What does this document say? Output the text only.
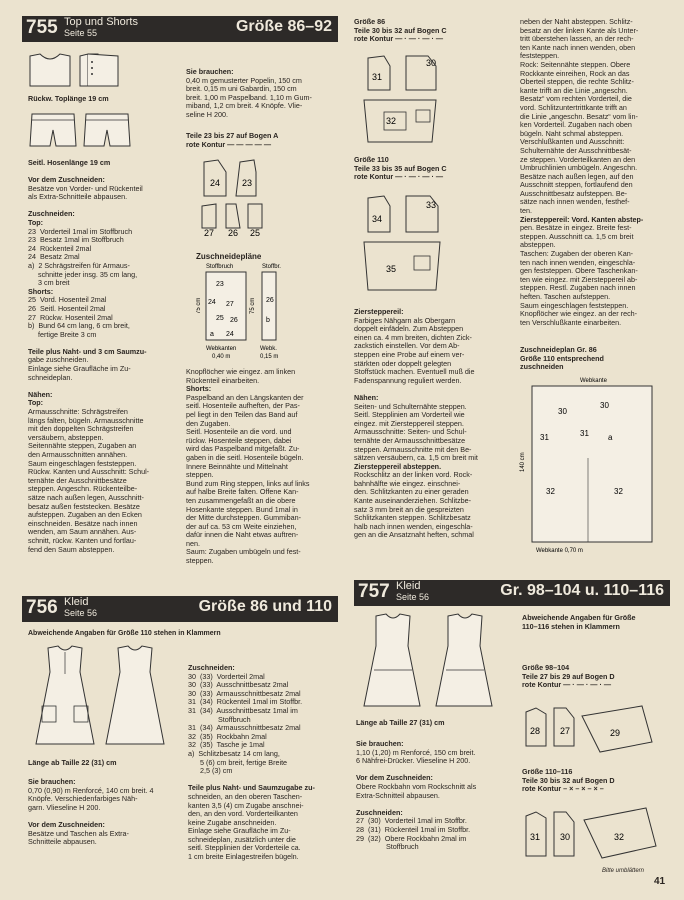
755 Top und Shorts
Seite 55	Größe 86–92
Rückw. Toplänge 19 cm
Seitl. Hosenlänge 19 cm
Vor dem Zuschneiden:
Besätze von Vorder- und Rückenteil
als Extra-Schnitteile abpausen.

Zuschneiden:
Top:
23  Vorderteil 1mal im Stoffbruch
23  Besatz 1mal im Stoffbruch
24  Rückenteil 2mal
24  Besatz 2mal
a)  2 Schrägstreifen für Armaus-
schnitte jeder insg. 35 cm lang,
3 cm breit
Shorts:
25  Vord. Hosenteil 2mal
26  Seitl. Hosenteil 2mal
27  Rückw. Hosenteil 2mal
b)  Bund 64 cm lang, 6 cm breit,
fertige Breite 3 cm

Teile plus Naht- und 3 cm Saumzu-
gabe zuschneiden.
Einlage siehe Graufläche im Zu-
schneideplan.

Nähen:
Top:
Armausschnitte: Schrägstreifen
längs falten, bügeln. Armausschnitte
mit den doppelten Schrägstreifen
versäubern, absteppen.
Seitennähte steppen, Zugaben an
den Armausschnitten annähen.
Saum eingeschlagen feststeppen.
Rückw. Kanten und Ausschnitt: Schul-
ternähte der Ausschnittbesätze
steppen. Angeschn. Rückenteilbe-
sätze nach außen legen, Ausschnitt-
besatz außen feststecken. Besätze
aufsteppen. Zugaben an den Ecken
einschneiden. Besätze nach innen
wenden, am Saum annähen. Aus-
schnitt, rückw. Kanten und fortlau-
fend den Saum absteppen.
Sie brauchen:
0,40 m gemusterter Popelin, 150 cm
breit. 0,15 m uni Gabardin, 150 cm
breit. 1,00 m Paspelband. 1,10 m Gum-
miband, 1,2 cm breit. 4 Knöpfe. Vlie-
seline H 200.
Teile 23 bis 27 auf Bogen A
rote Kontur — — — — —
24 23
27 26 25
Zuschneidepläne
Stoffbruch	Stoffbr.
23
24 27
25 26
a 24
26
b
75 cm	75 cm
Webkanten
0,40 m
Webk.
0,15 m
Knopflöcher wie eingez. am linken
Rückenteil einarbeiten.
Shorts:
Paspelband an den Längskanten der
seitl. Hosenteile aufheften, der Pas-
pel liegt in den Teilen das Band auf
den Zugaben.
Seitl. Hosenteile an die vord. und
rückw. Hosenteile steppen, dabei
wird das Paspelband mitgefaßt. Zu-
gaben in die seitl. Hosenteile bügeln.
Innere Beinnähte und Mittelnaht
steppen.
Bund zum Ring steppen, links auf links
auf halbe Breite falten. Offene Kan-
ten zusammengefaßt an die obere
Hosenkante steppen. Bund 1mal in
der Mitte durchsteppen. Gummiban-
der auf ca. 53 cm Weite einziehen,
dafür innen die Naht etwas auftren-
nen.
Saum: Zugaben umbügeln und fest-
steppen.
756 Kleid
Seite 56	Größe 86 und 110
Abweichende Angaben für Größe 110 stehen in Klammern
Länge ab Taille 22 (31) cm
Sie brauchen:
0,70 (0,90) m Renforcé, 140 cm breit. 4
Knöpfe. Verschiedenfarbiges Näh-
garn. Vlieseline H 200.

Vor dem Zuschneiden:
Besätze und Taschen als Extra-
Schnitteile abpausen.
Zuschneiden:
30  (33)  Vorderteil 2mal
30  (33)  Ausschnittbesatz 2mal
30  (33)  Armausschnittbesatz 2mal
31  (34)  Rückenteil 1mal im Stoffbr.
31  (34)  Ausschnittbesatz 1mal im
Stoffbruch
31  (34)  Armausschnittbesatz 2mal
32  (35)  Rockbahn 2mal
32  (35)  Tasche je 1mal
a)  Schlitzbesatz 14 cm lang,
5 (6) cm breit, fertige Breite
2,5 (3) cm

Teile plus Naht- und Saumzugabe zu-
schneiden, an den oberen Taschen-
kanten 3,5 (4) cm Zugabe anschnei-
den, an den vord. Vorderteilkanten
keine Zugabe anschneiden.
Einlage siehe Graufläche im Zu-
schneideplan, zusätzlich unter die
seitl. Stepplinien der Vorderteile ca.
1 cm breite Einlagestreifen bügeln.
Größe 86
Teile 30 bis 32 auf Bogen C
rote Kontur — · — · — · —
31
30
32
Größe 110
Teile 33 bis 35 auf Bogen C
rote Kontur — · — · — · —
34
33
35
Ziersteppereil:
Farbiges Nähgarn als Obergarn
doppelt einfädeln. Zum Absteppen
einen ca. 4 mm breiten, dichten Zick-
zackstich einstellen. Vor dem Ab-
steppen eine Probe auf einem ver-
stärkten oder doppelt gelegten
Stoffstück machen. Eventuell muß die
Fadenspannung reguliert werden.

Nähen:
Seiten- und Schulternähte steppen.
Seitl. Stepplinien am Vorderteil wie
eingez. mit Ziersteppereil steppen.
Armausschnitte: Seiten- und Schul-
ternähte der Armausschnittbesätze
steppen. Armausschnitte mit den Be-
sätzen versäubern, ca. 1,5 cm breit mit
Ziersteppereil absteppen.
Rockschlitz an der linken vord. Rock-
bahnhälfte wie eingez. einschnei-
den. Schlitzkanten zu einer geraden
Kante auseinanderziehen. Schlitzbe-
satz 3 mm breit an die gespreizten
Schlitzkanten steppen. Schlitzbesatz
halb nach innen wenden, eingeschla-
gen an die Ansatznaht heften, schmal
neben der Naht absteppen. Schlitz-
besatz an der linken Kante als Unter-
tritt überstehen lassen, an der rech-
ten Kante nach innen wenden, oben
feststeppen.
Rock: Seitennähte steppen. Obere
Rockkante einreihen, Rock an das
Oberteil steppen, die rechte Schlitz-
kante trifft an die Linie „angeschn.
Besatz“ vom rechten Vorderteil, die
vord. Schlitzuntertrittkante trifft an
die Linie „angeschn. Besatz“ vom lin-
ken Vorderteil. Zugaben nach oben
bügeln. Naht schmal absteppen.
Verschlußkanten und Ausschnitt:
Schulternähte der Ausschnittbesät-
ze steppen. Vorderteilkanten an den
Umbruchlinien umbügeln. Angeschn.
Besätze nach außen legen, auf den
Ausschnitt steppen, fortlaufend den
Ausschnittbesatz aufsteppen. Be-
sätze nach innen wenden, festhef-
ten.
Ziersteppereil: Vord. Kanten abstep-
pen. Besätze in eingez. Breite fest-
steppen. Ausschnitt ca. 1,5 cm breit
absteppen.
Taschen: Zugaben der oberen Kan-
ten nach innen wenden, eingeschla-
gen feststeppen. Obere Taschenkan-
ten wie eingez. mit Ziersteppereil ab-
steppen. Restl. Zugaben nach innen
heften. Taschen aufsteppen.
Saum eingeschlagen feststeppen.
Knopflöcher wie eingez. an der rech-
ten Verschlußkante einarbeiten.
Zuschneideplan Gr. 86
Größe 110 entsprechend
zuschneiden
Webkante
140 cm
30
30
31	31 a
32	32
Webkante 0,70 m
757 Kleid
Seite 56	Gr. 98–104 u. 110–116
Länge ab Taille 27 (31) cm
Sie brauchen:
1,10 (1,20) m Renforcé, 150 cm breit.
6 Nähfrei-Drücker. Vlieseline H 200.

Vor dem Zuschneiden:
Obere Rockbahn vom Rockschnitt als
Extra-Schnitteil abpausen.

Zuschneiden:
27  (30)  Vorderteil 1mal im Stoffbr.
28  (31)  Rückenteil 1mal im Stoffbr.
29  (32)  Obere Rockbahn 2mal im
Stoffbruch
Abweichende Angaben für Größe
110–116 stehen in Klammern
Größe 98–104
Teile 27 bis 29 auf Bogen D
rote Kontur — · — · — · —
28 27	29
Größe 110–116
Teile 30 bis 32 auf Bogen D
rote Kontur – × – × – × –
31 30	32
Bitte umblättern
41
